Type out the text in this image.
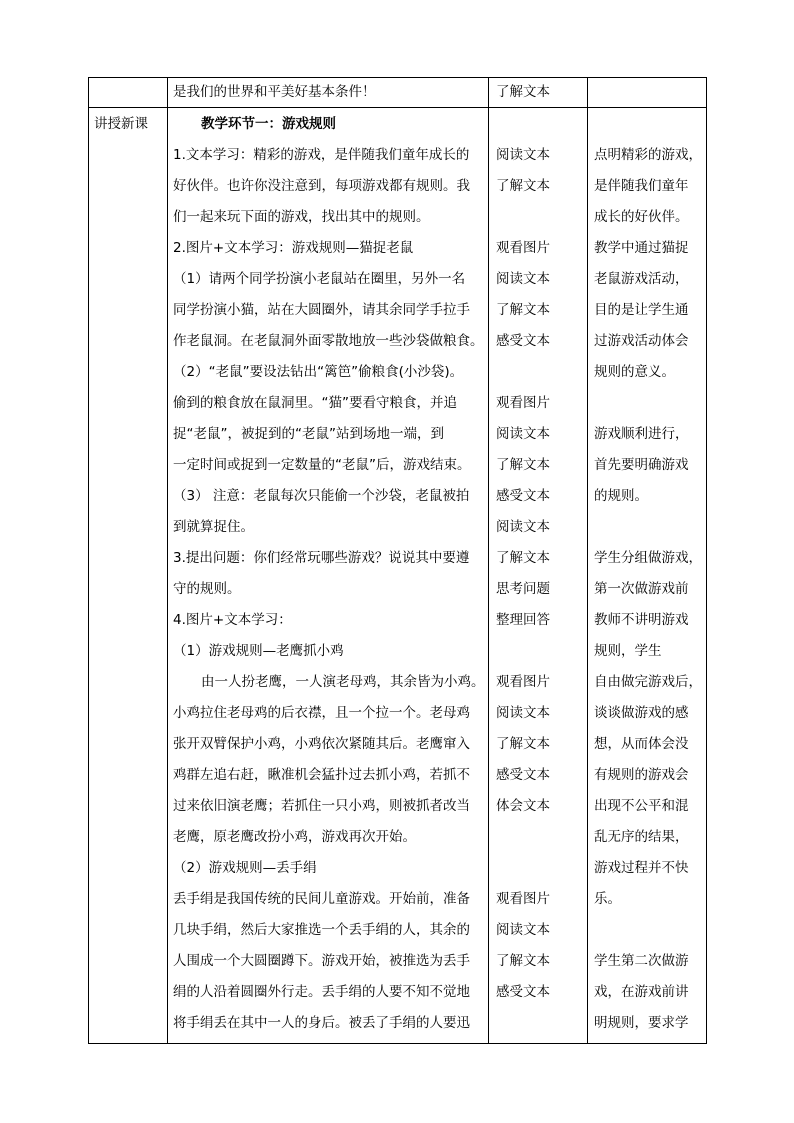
是我们的世界和平美好基本条件！	了解文本
讲授新课	教学环节一：游戏规则
1.文本学习：精彩的游戏，是伴随我们童年成长的
好伙伴。也许你没注意到，每项游戏都有规则。我
们一起来玩下面的游戏，找出其中的规则。
2.图片+文本学习：游戏规则—猫捉老鼠
（1）请两个同学扮演小老鼠站在圈里，另外一名
同学扮演小猫，站在大圆圈外，请其余同学手拉手
作老鼠洞。在老鼠洞外面零散地放一些沙袋做粮食。
（2）“老鼠”要设法钻出“篱笆”偷粮食(小沙袋)。
偷到的粮食放在鼠洞里。“猫”要看守粮食，并追
捉“老鼠”，被捉到的“老鼠”站到场地一端，到
一定时间或捉到一定数量的“老鼠”后，游戏结束。
（3） 注意：老鼠每次只能偷一个沙袋，老鼠被拍
到就算捉住。
3.提出问题：你们经常玩哪些游戏？说说其中要遵
守的规则。
4.图片+文本学习：
（1）游戏规则—老鹰抓小鸡
由一人扮老鹰，一人演老母鸡，其余皆为小鸡。
小鸡拉住老母鸡的后衣襟，且一个拉一个。老母鸡
张开双臂保护小鸡，小鸡依次紧随其后。老鹰窜入
鸡群左追右赶，瞅准机会猛扑过去抓小鸡，若抓不
过来依旧演老鹰；若抓住一只小鸡，则被抓者改当
老鹰，原老鹰改扮小鸡，游戏再次开始。
（2）游戏规则—丢手绢
丢手绢是我国传统的民间儿童游戏。开始前，准备
几块手绢，然后大家推选一个丢手绢的人，其余的
人围成一个大圆圈蹲下。游戏开始，被推选为丢手
绢的人沿着圆圈外行走。丢手绢的人要不知不觉地
将手绢丢在其中一人的身后。被丢了手绢的人要迅
阅读文本
了解文本
观看图片
阅读文本
了解文本
感受文本
观看图片
阅读文本
了解文本
感受文本
阅读文本
了解文本
思考问题
整理回答
观看图片
阅读文本
了解文本
感受文本
体会文本
观看图片
阅读文本
了解文本
感受文本
点明精彩的游戏，
是伴随我们童年
成长的好伙伴。
教学中通过猫捉
老鼠游戏活动，
目的是让学生通
过游戏活动体会
规则的意义。
游戏顺利进行，
首先要明确游戏
的规则。
学生分组做游戏，
第一次做游戏前
教师不讲明游戏
规则，学生
自由做完游戏后，
谈谈做游戏的感
想，从而体会没
有规则的游戏会
出现不公平和混
乱无序的结果，
游戏过程并不快
乐。
学生第二次做游
戏，在游戏前讲
明规则，要求学
